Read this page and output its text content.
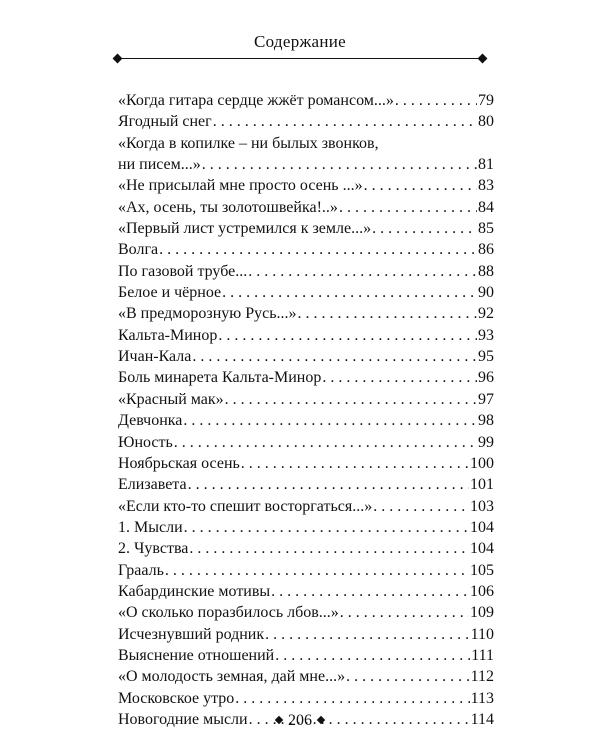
Содержание
«Когда гитара сердце жжёт романсом...» . . .	79
Ягодный снег . . .	80
«Когда в копилке – ни былых звонков,
ни писем...» . . .	81
«Не присылай мне просто осень ...» . . .	83
«Ах, осень, ты золотошвейка!..» . . .	84
«Первый лист устремился к земле...» . . .	85
Волга . . .	86
По газовой трубе... . . .	88
Белое и чёрное . . .	90
«В предморозную Русь...» . . .	92
Кальта-Минор . . .	93
Ичан-Кала . . .	95
Боль минарета Кальта-Минор . . .	96
«Красный мак» . . .	97
Девчонка . . .	98
Юность . . .	99
Ноябрьская осень . . .	100
Елизавета . . .	101
«Если кто-то спешит восторгаться...» . . .	103
1. Мысли . . .	104
2. Чувства . . .	104
Грааль . . .	105
Кабардинские мотивы . . .	106
«О сколько поразбилось лбов...» . . .	109
Исчезнувший родник . . .	110
Выяснение отношений . . .	111
«О молодость земная, дай мне...» . . .	112
Московское утро . . .	113
Новогодние мысли . . .	114
206
